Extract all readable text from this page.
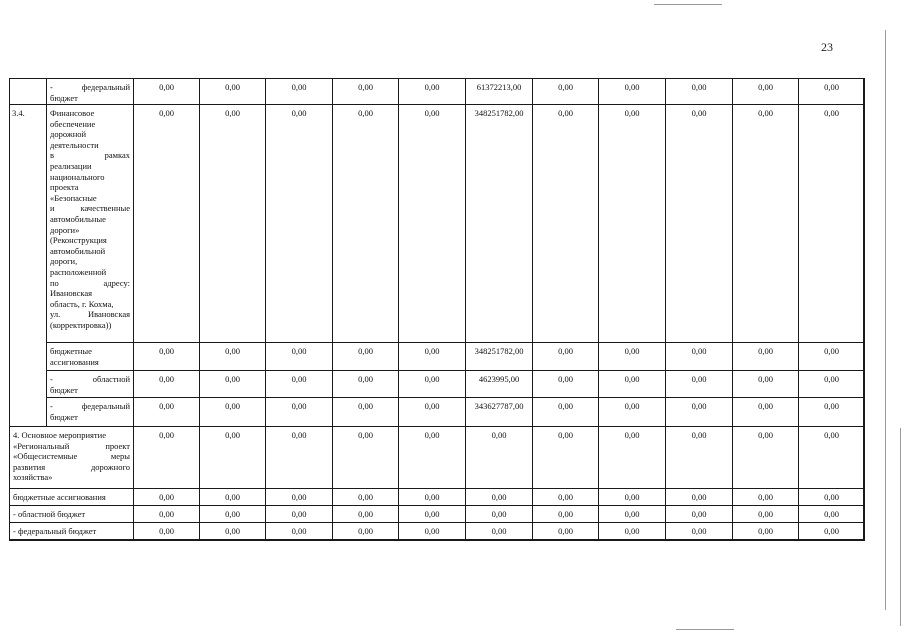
23
-	федеральный
бюджет
0,00	0,00	0,00	0,00	0,00	61372213,00	0,00	0,00	0,00	0,00	0,00
3.4.	Финансовое
обеспечение
дорожной
деятельности
в	рамках
реализации
национального
проекта
«Безопасные
и	качественные
автомобильные
дороги»
(Реконструкция
автомобильной
дороги,
расположенной
по	адресу:
Ивановская
область, г. Кохма,
ул.	Ивановская
(корректировка))
0,00	0,00	0,00	0,00	0,00	348251782,00	0,00	0,00	0,00	0,00	0,00
бюджетные
ассигнования
0,00	0,00	0,00	0,00	0,00	348251782,00	0,00	0,00	0,00	0,00	0,00
-	областной
бюджет
0,00	0,00	0,00	0,00	0,00	4623995,00	0,00	0,00	0,00	0,00	0,00
-	федеральный
бюджет
0,00	0,00	0,00	0,00	0,00	343627787,00	0,00	0,00	0,00	0,00	0,00
4. Основное мероприятие
«Региональный	проект
«Общесистемные	меры
развития	дорожного
хозяйства»
0,00	0,00	0,00	0,00	0,00	0,00	0,00	0,00	0,00	0,00	0,00
бюджетные ассигнования	0,00	0,00	0,00	0,00	0,00	0,00	0,00	0,00	0,00	0,00	0,00
- областной бюджет	0,00	0,00	0,00	0,00	0,00	0,00	0,00	0,00	0,00	0,00	0,00
- федеральный бюджет	0,00	0,00	0,00	0,00	0,00	0,00	0,00	0,00	0,00	0,00	0,00
